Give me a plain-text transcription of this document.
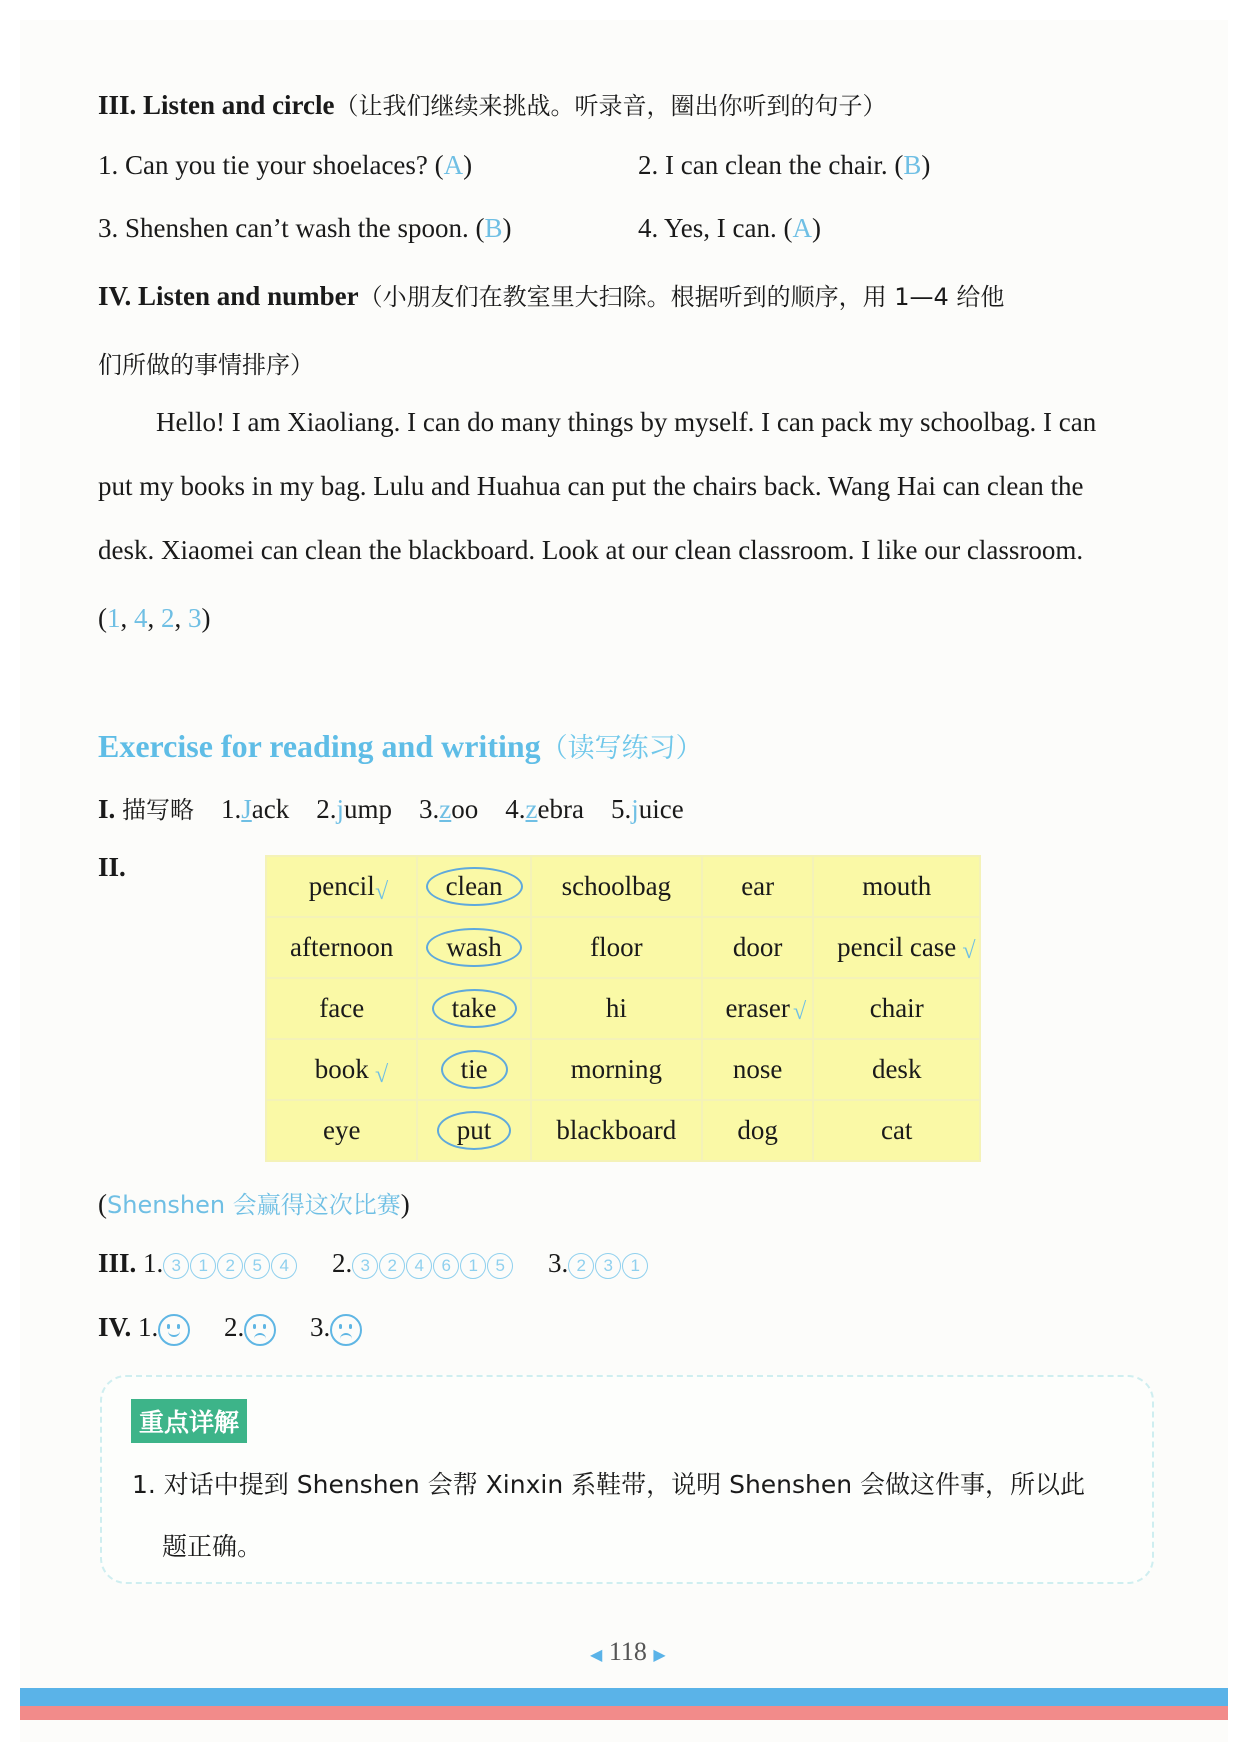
III. Listen and circle（让我们继续来挑战。听录音，圈出你听到的句子）
1. Can you tie your shoelaces? (A)	2. I can clean the chair. (B)
3. Shenshen can’t wash the spoon. (B)	4. Yes, I can. (A)
IV. Listen and number（小朋友们在教室里大扫除。根据听到的顺序，用 1—4 给他
们所做的事情排序）
Hello! I am Xiaoliang. I can do many things by myself. I can pack my schoolbag. I can
put my books in my bag. Lulu and Huahua can put the chairs back. Wang Hai can clean the
desk. Xiaomei can clean the blackboard. Look at our clean classroom. I like our classroom.
(1, 4, 2, 3)
Exercise for reading and writing（读写练习）
I. 描写略 1.Jack 2.jump 3.zoo 4.zebra 5.juice
II.
pencil √	clean	schoolbag	ear	mouth
afternoon	wash	floor	door	pencil case √

face	take	hi	eraser √	chair
book √	tie	morning	nose	desk
eye	put	blackboard	dog	cat
(Shenshen 会赢得这次比赛)
III. 1. 3 1 2 5 4 2. 3 2 4 6 1 5 3. 2 3 1
IV. 1. 2. 3.
重点详解
1. 对话中提到 Shenshen 会帮 Xinxin 系鞋带，说明 Shenshen 会做这件事，所以此
题正确。
◀ 118 ▶
